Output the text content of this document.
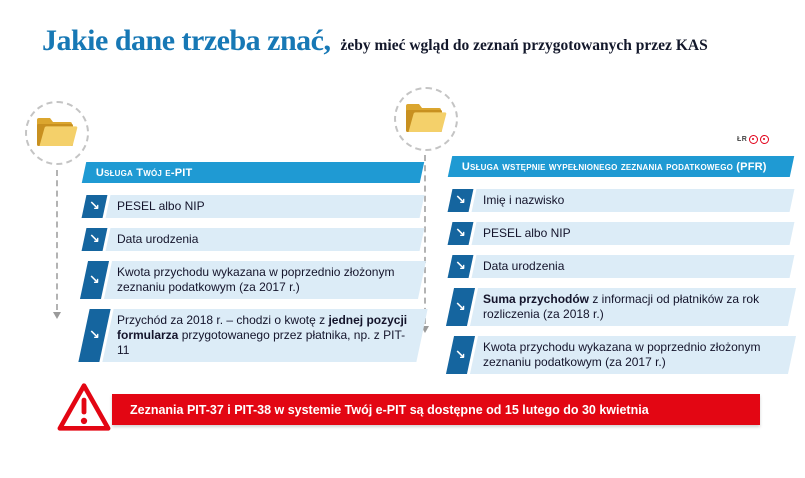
Jakie dane trzeba znać, żeby mieć wgląd do zeznań przygotowanych przez KAS
ŁR
Usługa Twój e-PIT
↘ PESEL albo NIP
↘ Data urodzenia
↘
Kwota przychodu wykazana w poprzednio złożonym zeznaniu podatkowym (za 2017 r.)
↘
Przychód za 2018 r. – chodzi o kwotę z jednej pozycji formularza przygotowanego przez płatnika, np. z PIT-11
Usługa wstępnie wypełnionego zeznania podatkowego (PFR)
↘ Imię i nazwisko
↘ PESEL albo NIP
↘ Data urodzenia
↘
Suma przychodów z informacji od płatników za rok rozliczenia (za 2018 r.)
↘
Kwota przychodu wykazana w poprzednio złożonym zeznaniu podatkowym (za 2017 r.)
Zeznania PIT-37 i PIT-38 w systemie Twój e-PIT są dostępne od 15 lutego do 30 kwietnia
